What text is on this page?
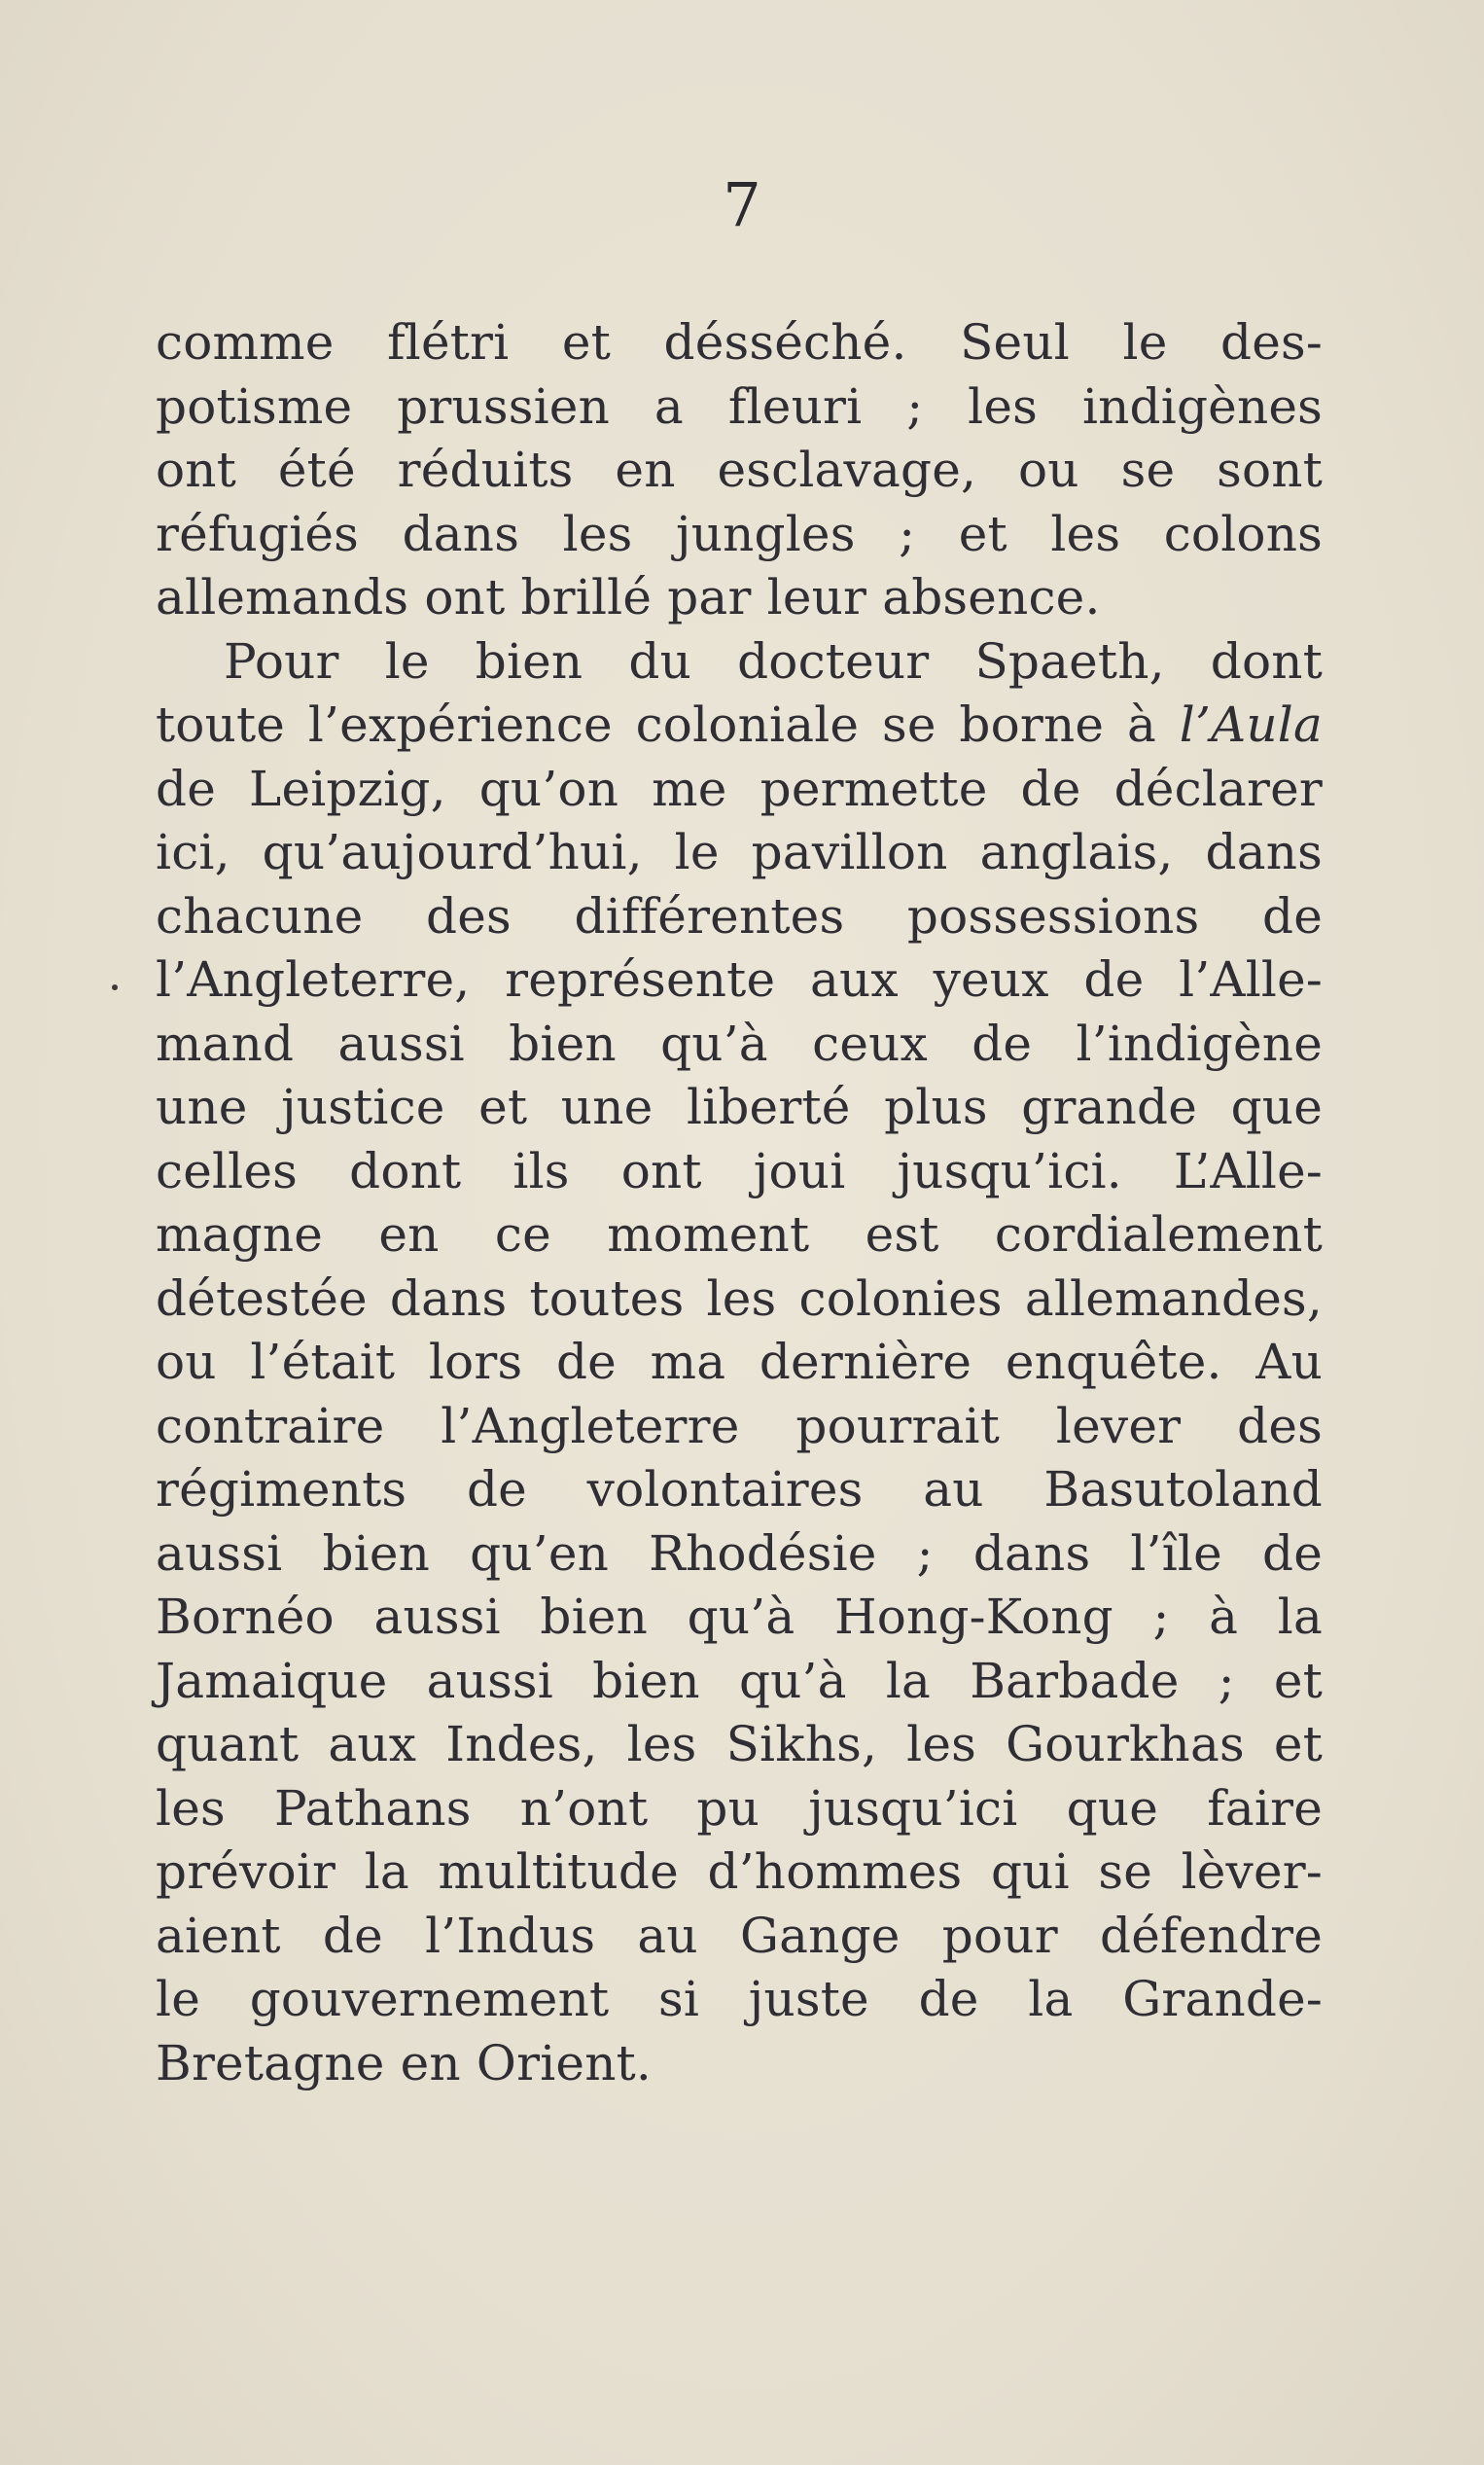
7
comme flétri et désséché. Seul le des-
potisme prussien a fleuri ; les indigènes
ont été réduits en esclavage, ou se sont
réfugiés dans les jungles ; et les colons
allemands ont brillé par leur absence.
Pour le bien du docteur Spaeth, dont
toute l’expérience coloniale se borne à l’Aula
de Leipzig, qu’on me permette de déclarer
ici, qu’aujourd’hui, le pavillon anglais, dans
chacune des différentes possessions de
l’Angleterre, représente aux yeux de l’Alle-
mand aussi bien qu’à ceux de l’indigène
une justice et une liberté plus grande que
celles dont ils ont joui jusqu’ici. L’Alle-
magne en ce moment est cordialement
détestée dans toutes les colonies allemandes,
ou l’était lors de ma dernière enquête. Au
contraire l’Angleterre pourrait lever des
régiments de volontaires au Basutoland
aussi bien qu’en Rhodésie ; dans l’île de
Bornéo aussi bien qu’à Hong-Kong ; à la
Jamaique aussi bien qu’à la Barbade ; et
quant aux Indes, les Sikhs, les Gourkhas et
les Pathans n’ont pu jusqu’ici que faire
prévoir la multitude d’hommes qui se lèver-
aient de l’Indus au Gange pour défendre
le gouvernement si juste de la Grande-
Bretagne en Orient.
